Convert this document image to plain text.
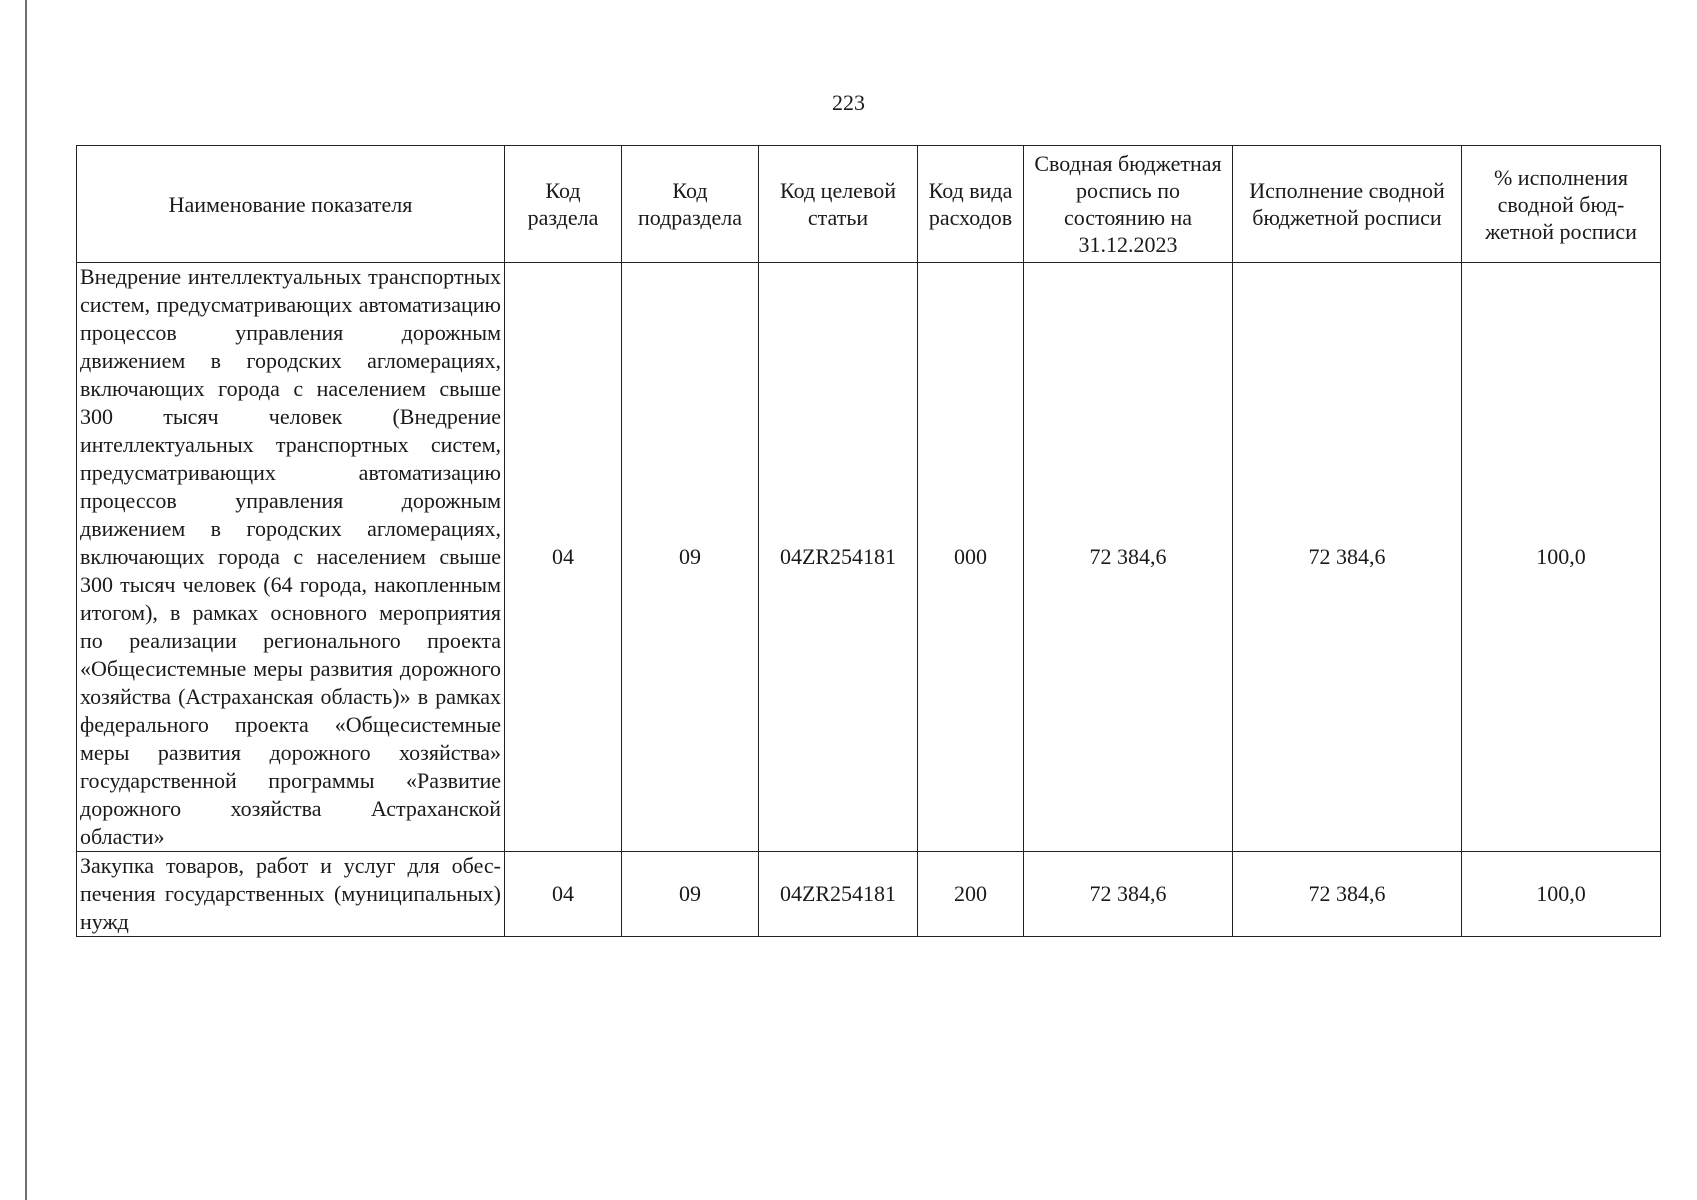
223
Наименование показателя	Код раздела	Код подраздела	Код целевой статьи	Код вида расходов	Сводная бюджетная роспись по состоянию на 31.12.2023	Исполнение сводной бюджетной росписи	% исполнения сводной бюд-жетной росписи
Внедрение интеллектуальных транспортных систем, предусматривающих автоматизацию процессов управления дорожным движением в городских агломерациях, включающих города с населением свыше 300 тысяч человек (Внедрение интеллектуальных транспортных систем, предусматривающих автоматизацию процессов управления дорожным движением в городских агломерациях, включающих города с населением свыше 300 тысяч человек (64 города, накопленным итогом), в рамках основного мероприятия по реализации регионального проекта «Общесистемные меры развития дорожного хозяйства (Астраханская область)» в рамках федерального проекта «Общесистемные меры развития дорожного хозяйства» государственной программы «Развитие дорожного хозяйства Астраханской области»	04	09	04ZR254181	000	72 384,6	72 384,6	100,0
Закупка товаров, работ и услуг для обеспечения государственных (муниципальных) нужд	04	09	04ZR254181	200	72 384,6	72 384,6	100,0
